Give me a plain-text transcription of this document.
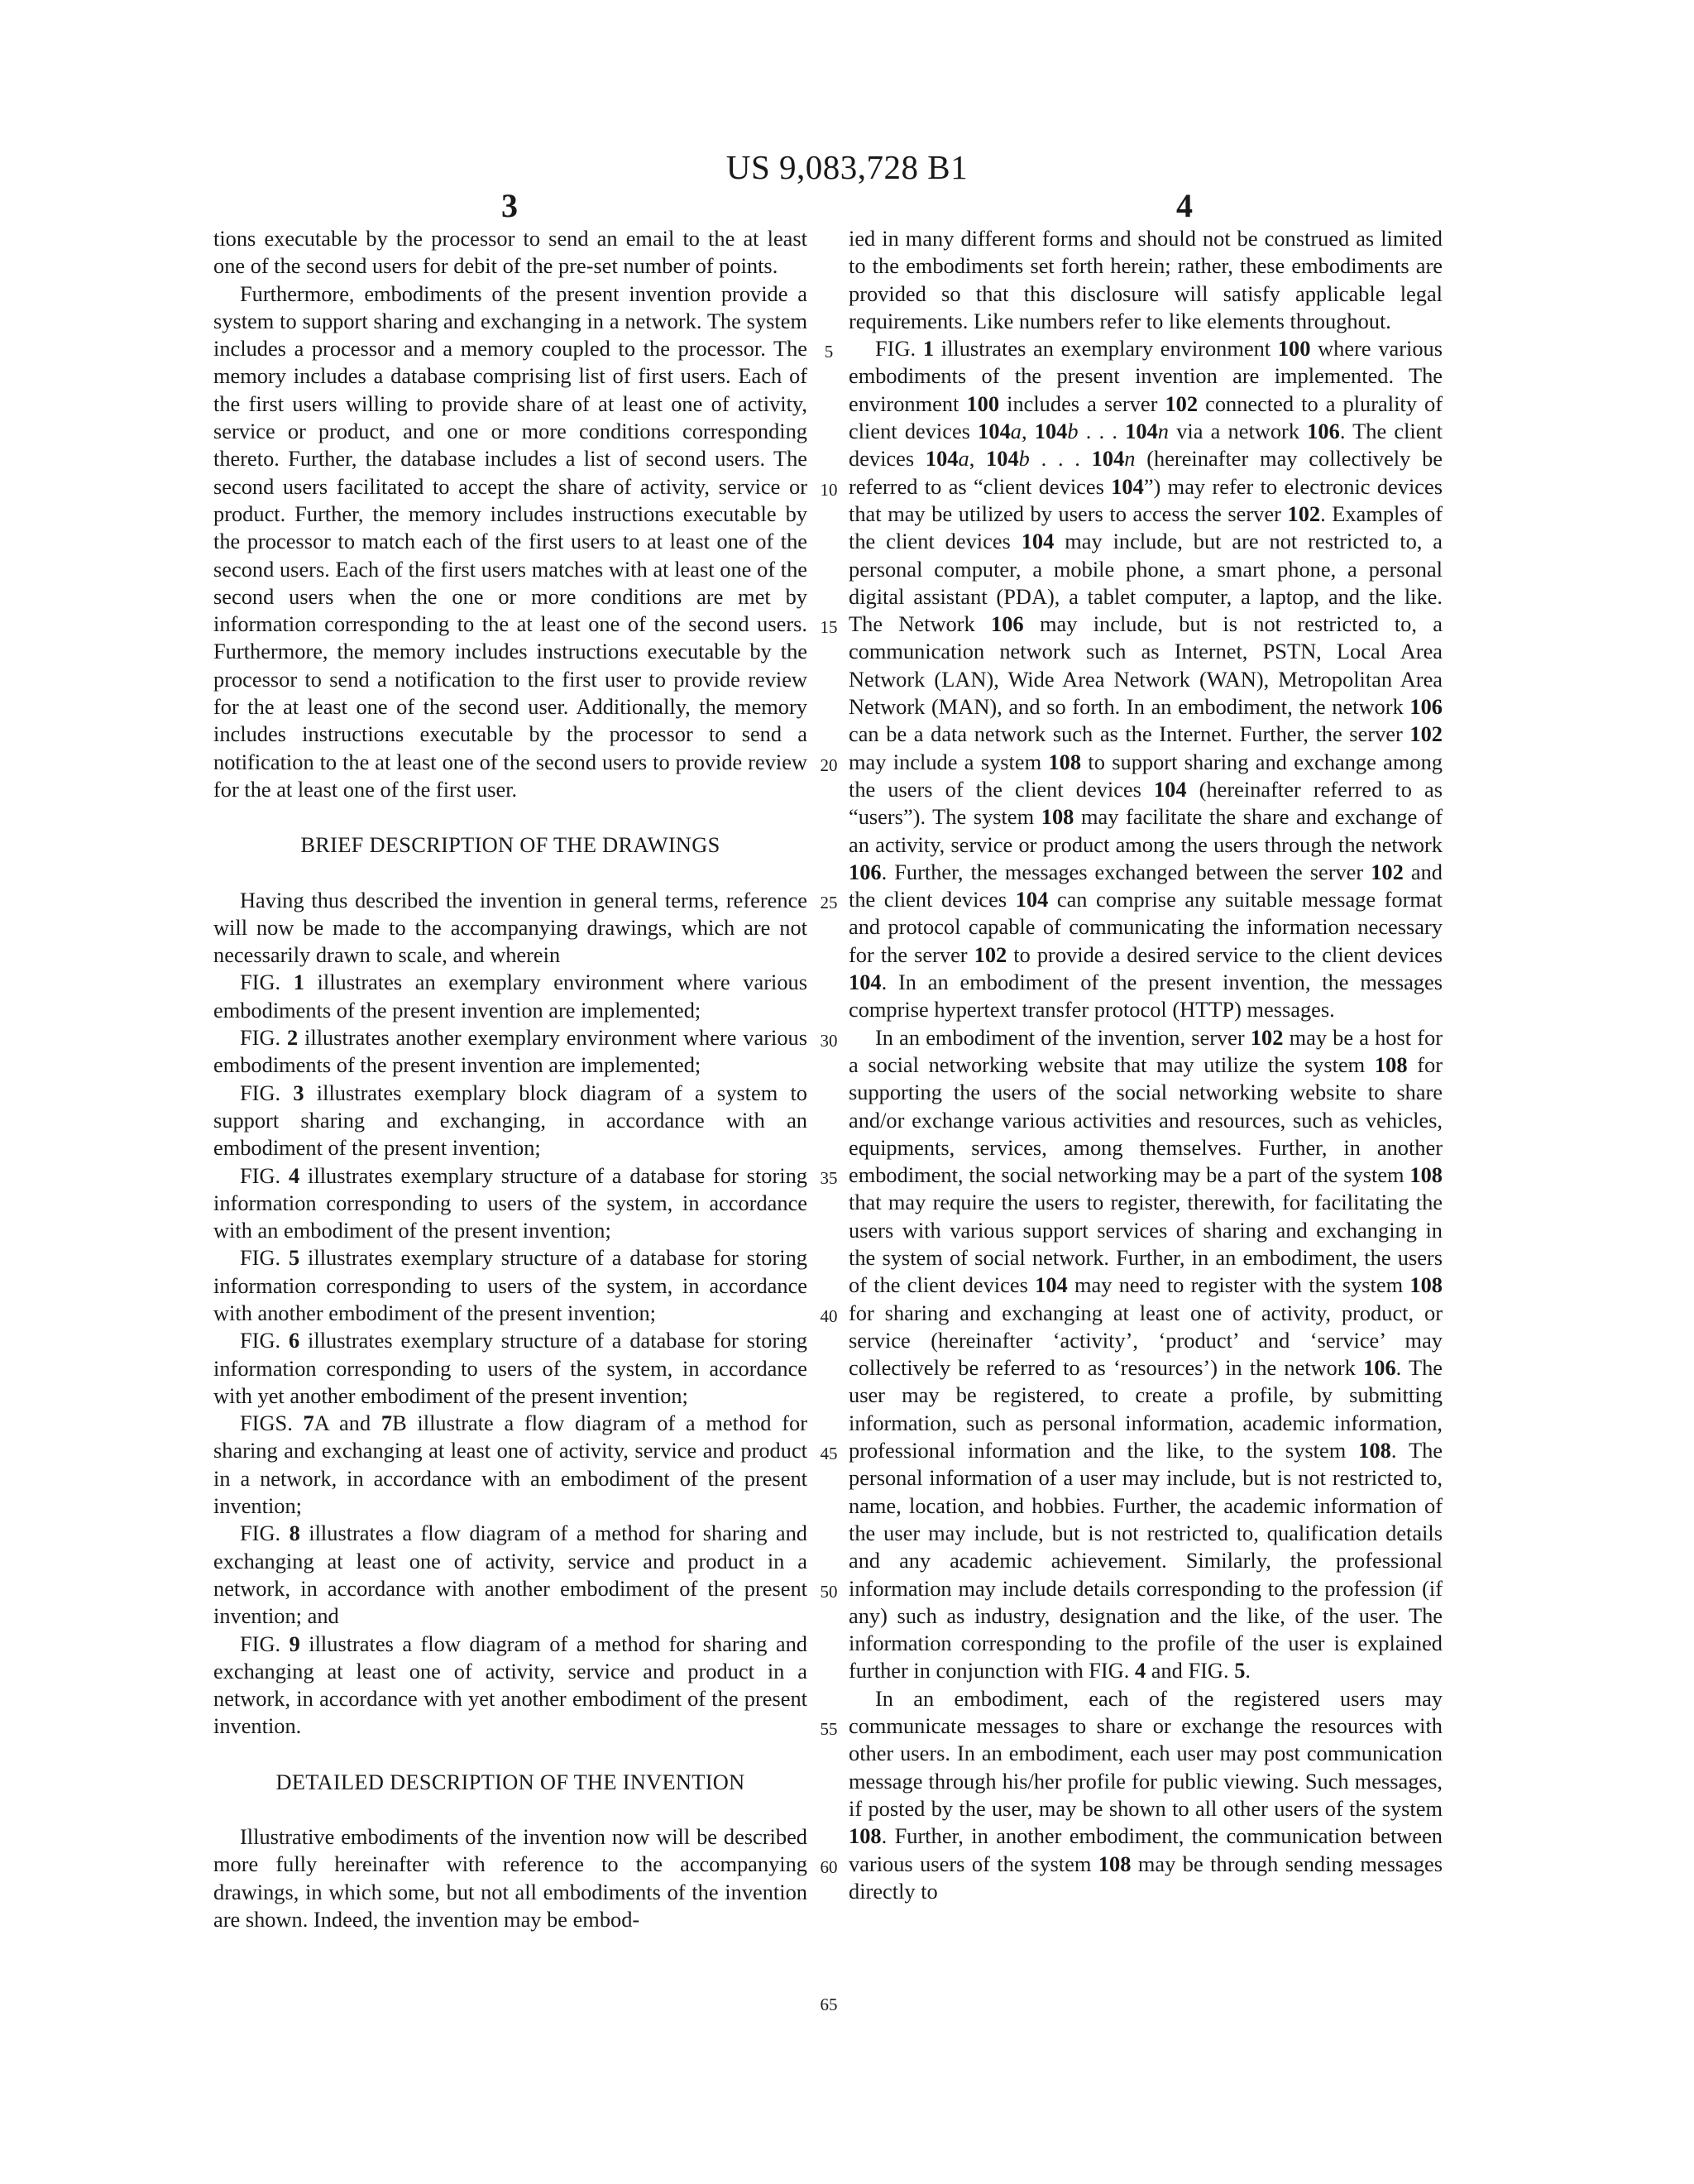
US 9,083,728 B1
3	4
5
10
15
20
25
30
35
40
45
50
55
60
65

tions executable by the processor to send an email to the at least one of the second users for debit of the pre-set number of points.

Furthermore, embodiments of the present invention provide a system to support sharing and exchanging in a network. The system includes a processor and a memory coupled to the processor. The memory includes a database comprising list of first users. Each of the first users willing to provide share of at least one of activity, service or product, and one or more conditions corresponding thereto. Further, the database includes a list of second users. The second users facilitated to accept the share of activity, service or product. Further, the memory includes instructions executable by the processor to match each of the first users to at least one of the second users. Each of the first users matches with at least one of the second users when the one or more conditions are met by information corresponding to the at least one of the second users. Furthermore, the memory includes instructions executable by the processor to send a notification to the first user to provide review for the at least one of the second user. Additionally, the memory includes instructions executable by the processor to send a notification to the at least one of the second users to provide review for the at least one of the first user.

BRIEF DESCRIPTION OF THE DRAWINGS

Having thus described the invention in general terms, reference will now be made to the accompanying drawings, which are not necessarily drawn to scale, and wherein

FIG. 1 illustrates an exemplary environment where various embodiments of the present invention are implemented;

FIG. 2 illustrates another exemplary environment where various embodiments of the present invention are implemented;

FIG. 3 illustrates exemplary block diagram of a system to support sharing and exchanging, in accordance with an embodiment of the present invention;

FIG. 4 illustrates exemplary structure of a database for storing information corresponding to users of the system, in accordance with an embodiment of the present invention;

FIG. 5 illustrates exemplary structure of a database for storing information corresponding to users of the system, in accordance with another embodiment of the present invention;

FIG. 6 illustrates exemplary structure of a database for storing information corresponding to users of the system, in accordance with yet another embodiment of the present invention;

FIGS. 7A and 7B illustrate a flow diagram of a method for sharing and exchanging at least one of activity, service and product in a network, in accordance with an embodiment of the present invention;

FIG. 8 illustrates a flow diagram of a method for sharing and exchanging at least one of activity, service and product in a network, in accordance with another embodiment of the present invention; and

FIG. 9 illustrates a flow diagram of a method for sharing and exchanging at least one of activity, service and product in a network, in accordance with yet another embodiment of the present invention.

DETAILED DESCRIPTION OF THE INVENTION

Illustrative embodiments of the invention now will be described more fully hereinafter with reference to the accompanying drawings, in which some, but not all embodiments of the invention are shown. Indeed, the invention may be embod-

ied in many different forms and should not be construed as limited to the embodiments set forth herein; rather, these embodiments are provided so that this disclosure will satisfy applicable legal requirements. Like numbers refer to like elements throughout.

FIG. 1 illustrates an exemplary environment 100 where various embodiments of the present invention are implemented. The environment 100 includes a server 102 connected to a plurality of client devices 104a, 104b . . . 104n via a network 106. The client devices 104a, 104b . . . 104n (hereinafter may collectively be referred to as “client devices 104”) may refer to electronic devices that may be utilized by users to access the server 102. Examples of the client devices 104 may include, but are not restricted to, a personal computer, a mobile phone, a smart phone, a personal digital assistant (PDA), a tablet computer, a laptop, and the like. The Network 106 may include, but is not restricted to, a communication network such as Internet, PSTN, Local Area Network (LAN), Wide Area Network (WAN), Metropolitan Area Network (MAN), and so forth. In an embodiment, the network 106 can be a data network such as the Internet. Further, the server 102 may include a system 108 to support sharing and exchange among the users of the client devices 104 (hereinafter referred to as “users”). The system 108 may facilitate the share and exchange of an activity, service or product among the users through the network 106. Further, the messages exchanged between the server 102 and the client devices 104 can comprise any suitable message format and protocol capable of communicating the information necessary for the server 102 to provide a desired service to the client devices 104. In an embodiment of the present invention, the messages comprise hypertext transfer protocol (HTTP) messages.

In an embodiment of the invention, server 102 may be a host for a social networking website that may utilize the system 108 for supporting the users of the social networking website to share and/or exchange various activities and resources, such as vehicles, equipments, services, among themselves. Further, in another embodiment, the social networking may be a part of the system 108 that may require the users to register, therewith, for facilitating the users with various support services of sharing and exchanging in the system of social network. Further, in an embodiment, the users of the client devices 104 may need to register with the system 108 for sharing and exchanging at least one of activity, product, or service (hereinafter ‘activity’, ‘product’ and ‘service’ may collectively be referred to as ‘resources’) in the network 106. The user may be registered, to create a profile, by submitting information, such as personal information, academic information, professional information and the like, to the system 108. The personal information of a user may include, but is not restricted to, name, location, and hobbies. Further, the academic information of the user may include, but is not restricted to, qualification details and any academic achievement. Similarly, the professional information may include details corresponding to the profession (if any) such as industry, designation and the like, of the user. The information corresponding to the profile of the user is explained further in conjunction with FIG. 4 and FIG. 5.

In an embodiment, each of the registered users may communicate messages to share or exchange the resources with other users. In an embodiment, each user may post communication message through his/her profile for public viewing. Such messages, if posted by the user, may be shown to all other users of the system 108. Further, in another embodiment, the communication between various users of the system 108 may be through sending messages directly to
